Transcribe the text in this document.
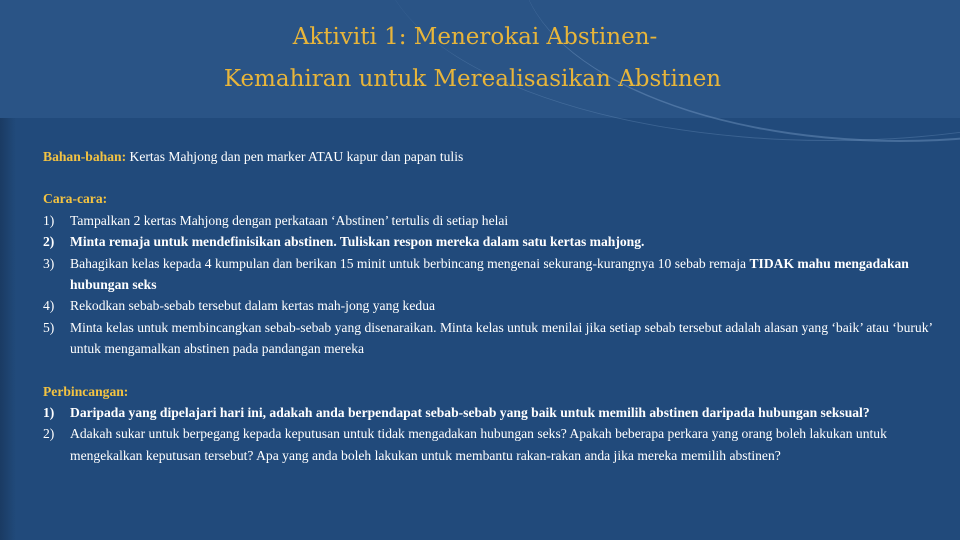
Aktiviti 1: Menerokai Abstinen-
Kemahiran untuk Merealisasikan Abstinen

Bahan-bahan: Kertas Mahjong dan pen marker ATAU kapur dan papan tulis

Cara-cara:
1) Tampalkan 2 kertas Mahjong dengan perkataan ‘Abstinen’ tertulis di setiap helai
2) Minta remaja untuk mendefinisikan abstinen. Tuliskan respon mereka dalam satu kertas mahjong.
3) Bahagikan kelas kepada 4 kumpulan dan berikan 15 minit untuk berbincang mengenai sekurang-kurangnya 10 sebab remaja TIDAK mahu mengadakan hubungan seks
4) Rekodkan sebab-sebab tersebut dalam kertas mah-jong yang kedua
5) Minta kelas untuk membincangkan sebab-sebab yang disenaraikan. Minta kelas untuk menilai jika setiap sebab tersebut adalah alasan yang ‘baik’ atau ‘buruk’ untuk mengamalkan abstinen pada pandangan mereka
Perbincangan:
1) Daripada yang dipelajari hari ini, adakah anda berpendapat sebab-sebab yang baik untuk memilih abstinen daripada hubungan seksual?
2) Adakah sukar untuk berpegang kepada keputusan untuk tidak mengadakan hubungan seks? Apakah beberapa perkara yang orang boleh lakukan untuk mengekalkan keputusan tersebut? Apa yang anda boleh lakukan untuk membantu rakan-rakan anda jika mereka memilih abstinen?
